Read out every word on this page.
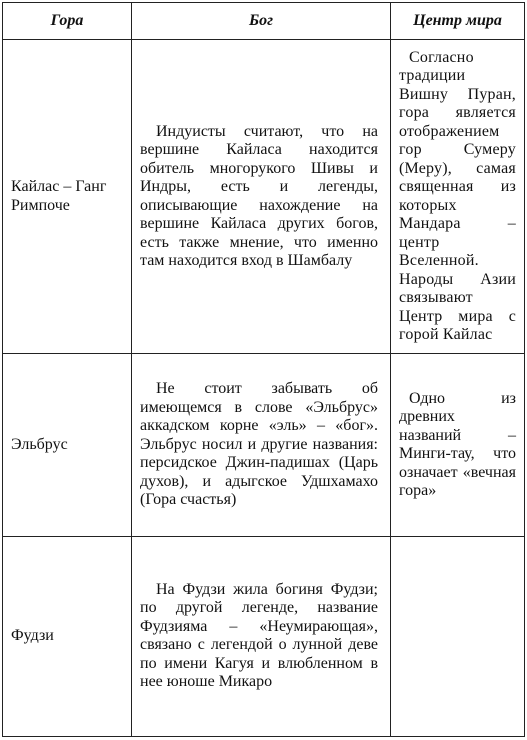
Гора	Бог	Центр мира
Кайлас – Ганг Римпоче	Индуисты считают, что на вершине Кайласа находится обитель многорукого Шивы и Индры, есть и легенды, описывающие нахождение на вершине Кайласа других богов, есть также мнение, что именно там находится вход в Шамбалу	Согласно традиции Вишну Пуран, гора является отображением гор Сумеру (Меру), самая священная из которых Мандара – центр Вселенной. Народы Азии связывают Центр мира с горой Кайлас
Эльбрус	Не стоит забывать об имеющемся в слове «Эльбрус» аккадском корне «эль» – «бог». Эльбрус носил и другие названия: персидское Джин-падишах (Царь духов), и адыгское Удшхамахо (Гора счастья)	Одно из древних названий – Минги-тау, что означает «вечная гора»
Фудзи	На Фудзи жила богиня Фудзи; по другой легенде, название Фудзияма – «Неумирающая», связано с легендой о лунной деве по имени Кагуя и влюбленном в нее юноше Микаро	
